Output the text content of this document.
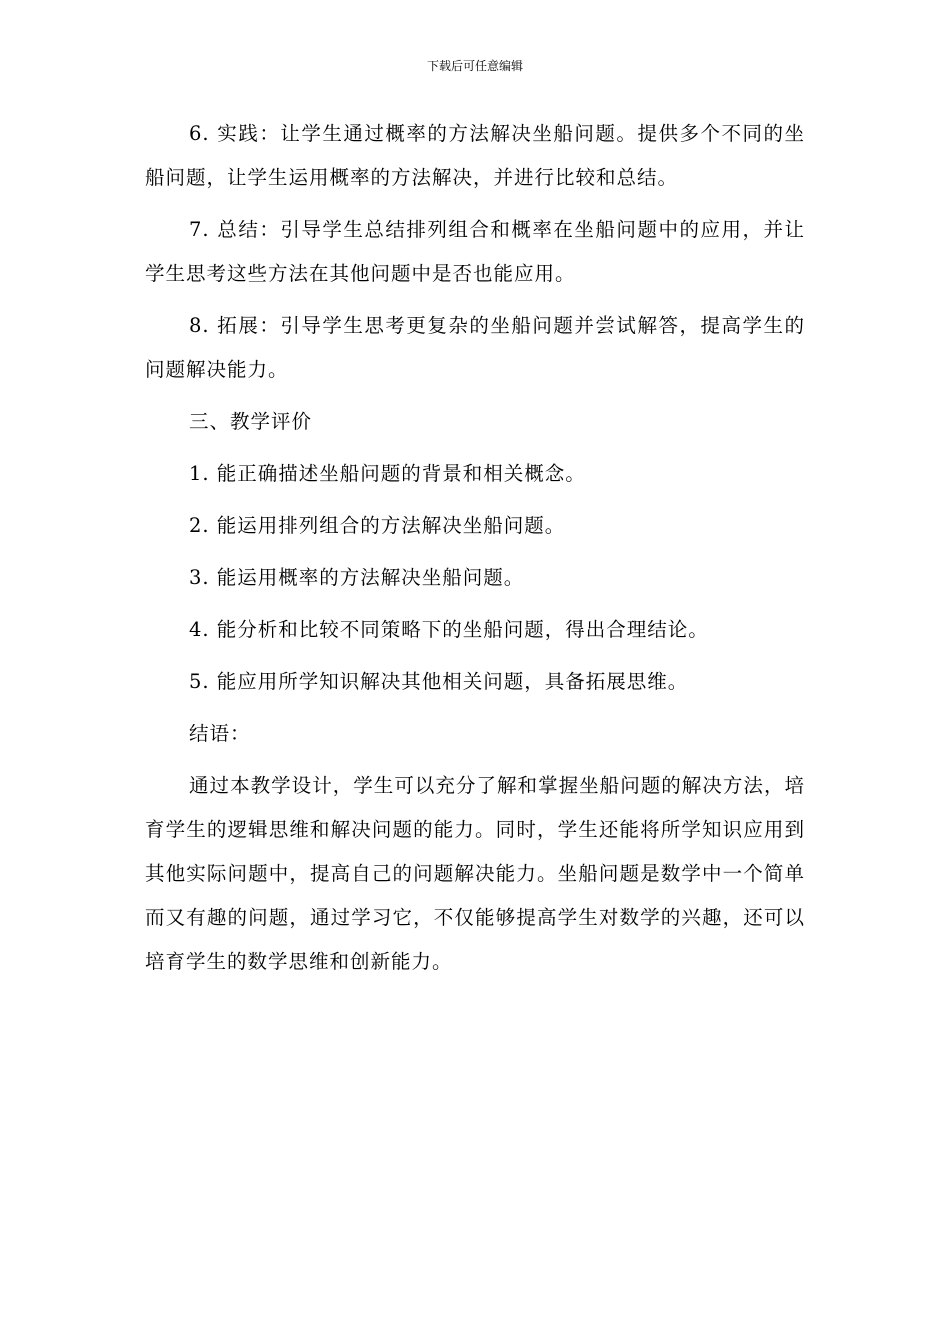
下载后可任意编辑

6. 实践：让学生通过概率的方法解决坐船问题。提供多个不同的坐船问题，让学生运用概率的方法解决，并进行比较和总结。

7. 总结：引导学生总结排列组合和概率在坐船问题中的应用，并让学生思考这些方法在其他问题中是否也能应用。

8. 拓展：引导学生思考更复杂的坐船问题并尝试解答，提高学生的问题解决能力。

三、教学评价

1. 能正确描述坐船问题的背景和相关概念。

2. 能运用排列组合的方法解决坐船问题。

3. 能运用概率的方法解决坐船问题。

4. 能分析和比较不同策略下的坐船问题，得出合理结论。

5. 能应用所学知识解决其他相关问题，具备拓展思维。

结语：

通过本教学设计，学生可以充分了解和掌握坐船问题的解决方法，培育学生的逻辑思维和解决问题的能力。同时，学生还能将所学知识应用到其他实际问题中，提高自己的问题解决能力。坐船问题是数学中一个简单而又有趣的问题，通过学习它，不仅能够提高学生对数学的兴趣，还可以培育学生的数学思维和创新能力。
